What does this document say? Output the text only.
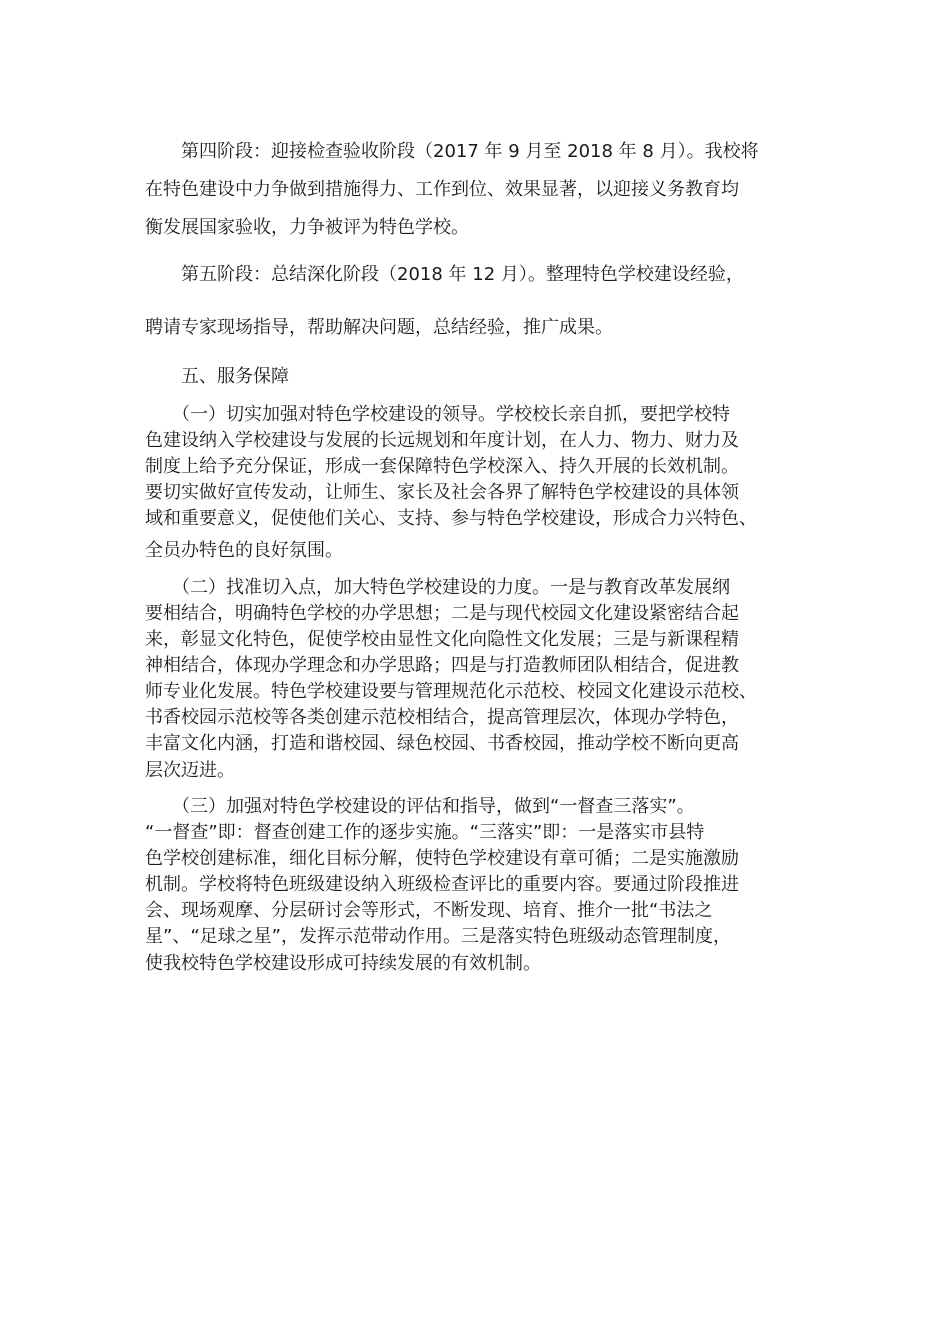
　　第四阶段：迎接检查验收阶段（2017 年 9 月至 2018 年 8 月）。我校将
在特色建设中力争做到措施得力、工作到位、效果显著，以迎接义务教育均
衡发展国家验收，力争被评为特色学校。

　　第五阶段：总结深化阶段（2018 年 12 月）。整理特色学校建设经验，

聘请专家现场指导，帮助解决问题，总结经验，推广成果。

　　五、服务保障

　　（一）切实加强对特色学校建设的领导。学校校长亲自抓，要把学校特
色建设纳入学校建设与发展的长远规划和年度计划，在人力、物力、财力及
制度上给予充分保证，形成一套保障特色学校深入、持久开展的长效机制。
要切实做好宣传发动，让师生、家长及社会各界了解特色学校建设的具体领
域和重要意义，促使他们关心、支持、参与特色学校建设，形成合力兴特色、

全员办特色的良好氛围。

　　（二）找准切入点，加大特色学校建设的力度。一是与教育改革发展纲
要相结合，明确特色学校的办学思想；二是与现代校园文化建设紧密结合起
来，彰显文化特色，促使学校由显性文化向隐性文化发展；三是与新课程精
神相结合，体现办学理念和办学思路；四是与打造教师团队相结合，促进教
师专业化发展。特色学校建设要与管理规范化示范校、校园文化建设示范校、
书香校园示范校等各类创建示范校相结合，提高管理层次，体现办学特色，
丰富文化内涵，打造和谐校园、绿色校园、书香校园，推动学校不断向更高

层次迈进。

　　（三）加强对特色学校建设的评估和指导，做到“一督查三落实”。
“一督查”即：督查创建工作的逐步实施。“三落实”即：一是落实市县特
色学校创建标准，细化目标分解，使特色学校建设有章可循；二是实施激励
机制。学校将特色班级建设纳入班级检查评比的重要内容。要通过阶段推进
会、现场观摩、分层研讨会等形式，不断发现、培育、推介一批“书法之
星”、“足球之星”，发挥示范带动作用。三是落实特色班级动态管理制度，

使我校特色学校建设形成可持续发展的有效机制。
